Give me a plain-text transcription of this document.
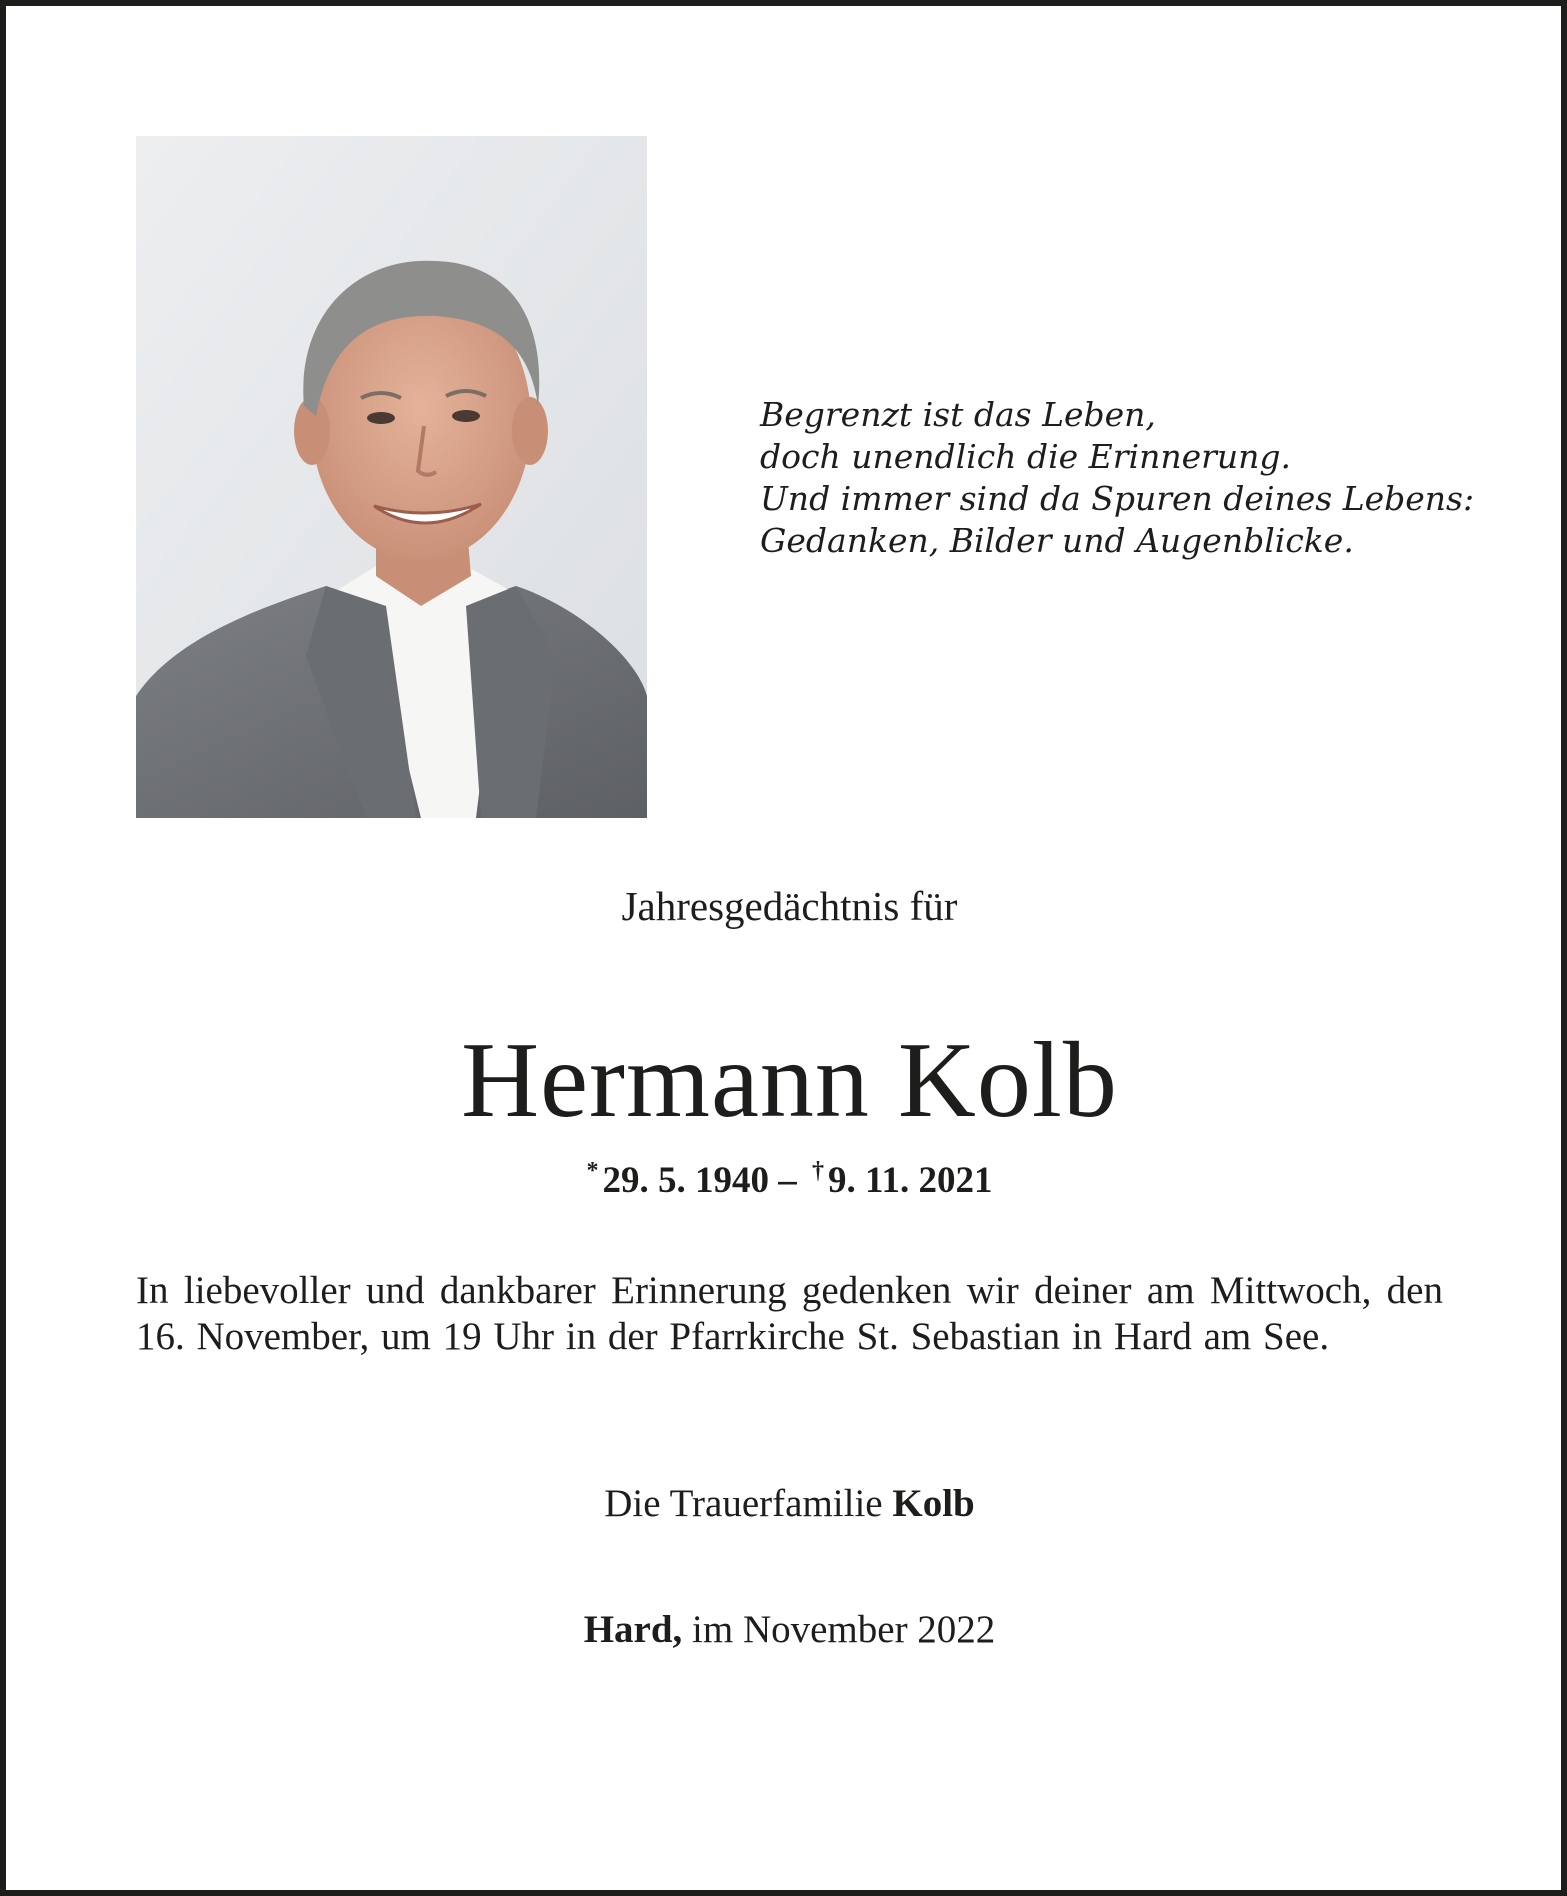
Begrenzt ist das Leben,
doch unendlich die Erinnerung.
Und immer sind da Spuren deines Lebens:
Gedanken, Bilder und Augenblicke.
Jahresgedächtnis für
Hermann Kolb
* 29. 5. 1940 – † 9. 11. 2021
In liebevoller und dankbarer Erinnerung gedenken wir deiner am Mittwoch, den 16. November, um 19 Uhr in der Pfarrkirche St. Sebastian in Hard am See.
Die Trauerfamilie Kolb
Hard, im November 2022
